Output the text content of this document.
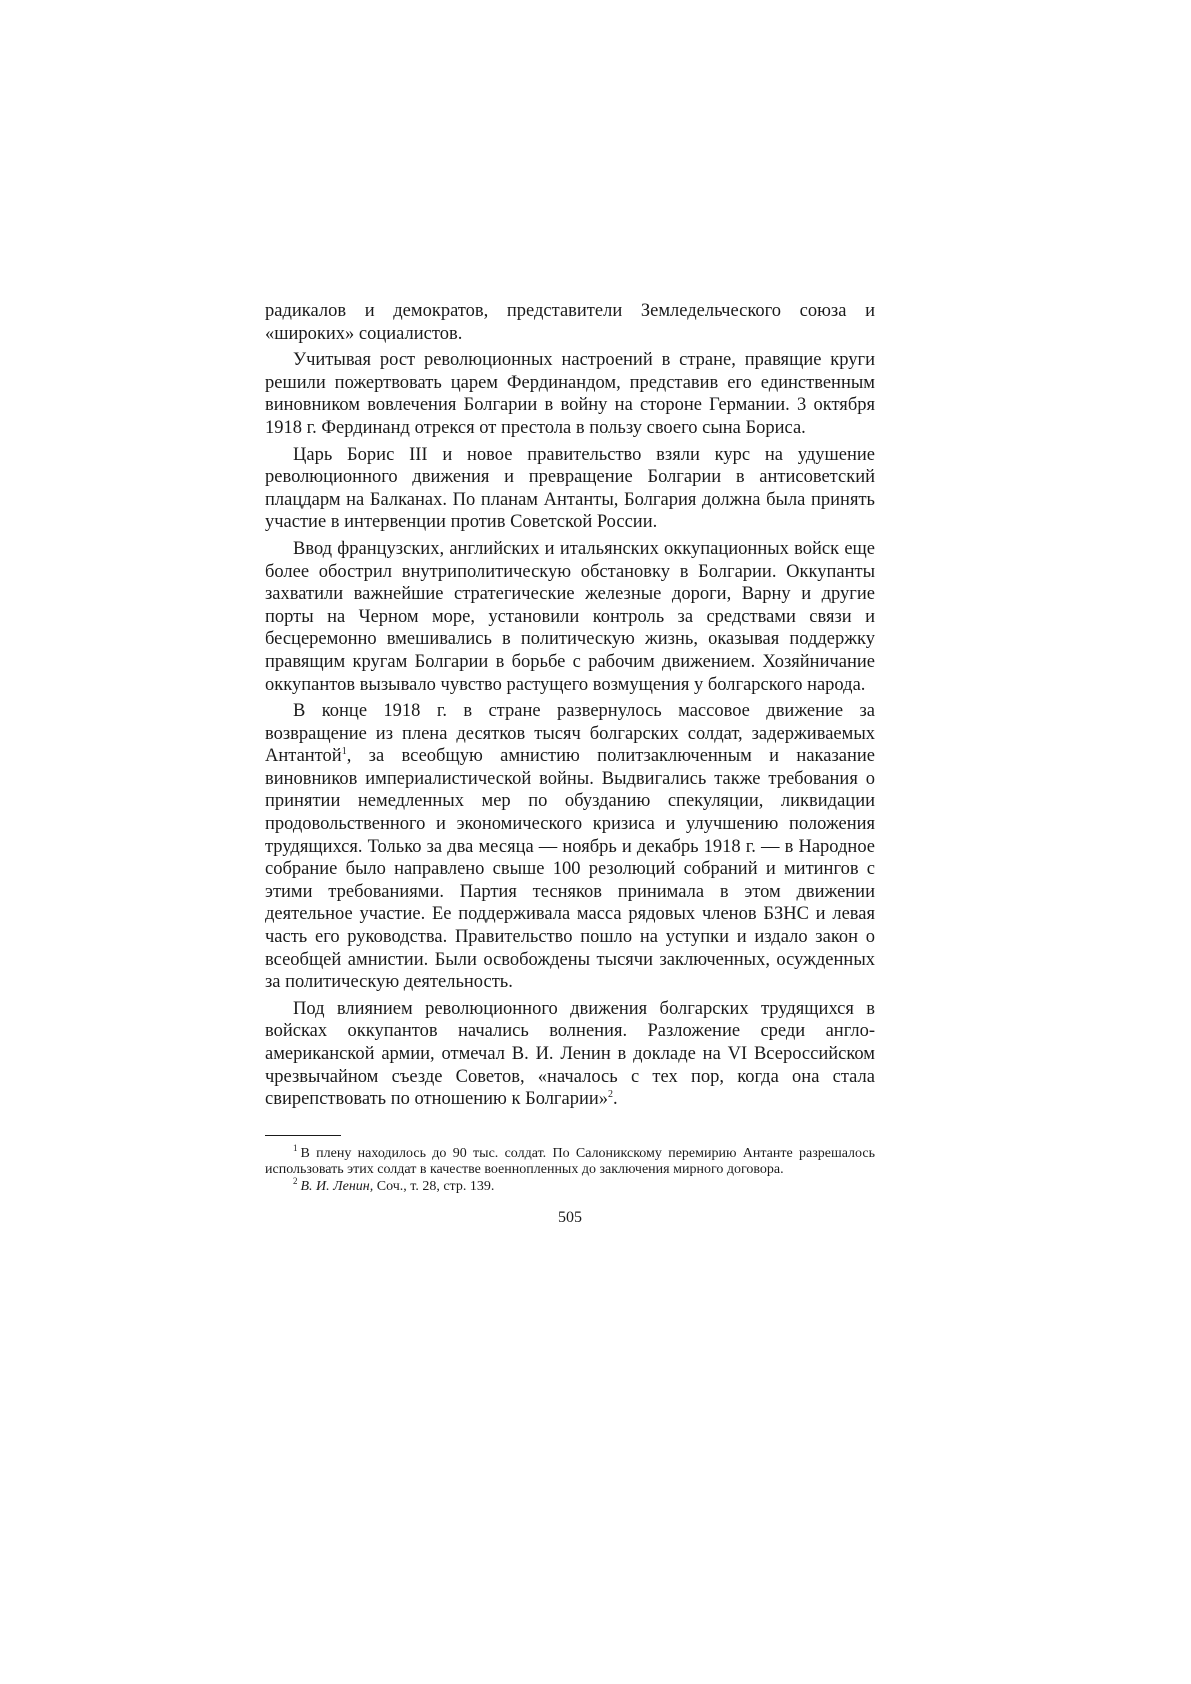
радикалов и демократов, представители Земледельческого союза и «широких» социалистов.

Учитывая рост революционных настроений в стране, правящие круги решили пожертвовать царем Фердинандом, представив его единственным виновником вовлечения Болгарии в войну на стороне Германии. 3 октября 1918 г. Фердинанд отрекся от престола в пользу своего сына Бориса.

Царь Борис III и новое правительство взяли курс на удушение революционного движения и превращение Болгарии в антисоветский плацдарм на Балканах. По планам Антанты, Болгария должна была принять участие в интервенции против Советской России.

Ввод французских, английских и итальянских оккупационных войск еще более обострил внутриполитическую обстановку в Болгарии. Оккупанты захватили важнейшие стратегические железные дороги, Варну и другие порты на Черном море, установили контроль за средствами связи и бесцеремонно вмешивались в политическую жизнь, оказывая поддержку правящим кругам Болгарии в борьбе с рабочим движением. Хозяйничание оккупантов вызывало чувство растущего возмущения у болгарского народа.

В конце 1918 г. в стране развернулось массовое движение за возвращение из плена десятков тысяч болгарских солдат, задерживаемых Антантой$^1$, за всеобщую амнистию политзаключенным и наказание виновников империалистической войны. Выдвигались также требования о принятии немедленных мер по обузданию спекуляции, ликвидации продовольственного и экономического кризиса и улучшению положения трудящихся. Только за два месяца — ноябрь и декабрь 1918 г. — в Народное собрание было направлено свыше 100 резолюций собраний и митингов с этими требованиями. Партия тесняков принимала в этом движении деятельное участие. Ее поддерживала масса рядовых членов БЗНС и левая часть его руководства. Правительство пошло на уступки и издало закон о всеобщей амнистии. Были освобождены тысячи заключенных, осужденных за политическую деятельность.

Под влиянием революционного движения болгарских трудящихся в войсках оккупантов начались волнения. Разложение среди англо-американской армии, отмечал В. И. Ленин в докладе на VI Всероссийском чрезвычайном съезде Советов, «началось с тех пор, когда она стала свирепствовать по отношению к Болгарии»$^2$.

$^1$ В плену находилось до 90 тыс. солдат. По Салоникскому перемирию Антанте разрешалось использовать этих солдат в качестве военнопленных до заключения мирного договора.

$^2$ В. И. Ленин, Соч., т. 28, стр. 139.

505
